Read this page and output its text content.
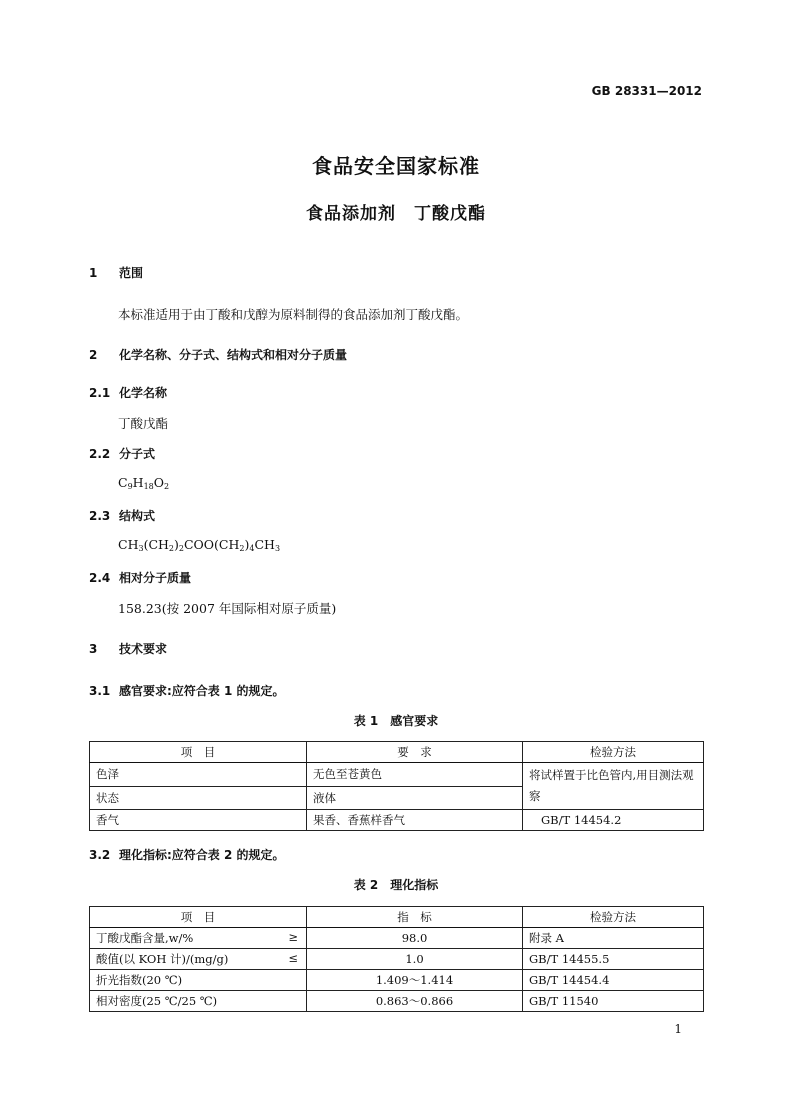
GB 28331—2012
食品安全国家标准
食品添加剂　丁酸戊酯
1 范围
本标准适用于由丁酸和戊醇为原料制得的食品添加剂丁酸戊酯。
2 化学名称、分子式、结构式和相对分子质量
2.1 化学名称
丁酸戊酯
2.2 分子式
$C_9H_{18}O_2$
2.3 结构式
$CH_3(CH_2)_2COO(CH_2)_4CH_3$
2.4 相对分子质量
158.23(按 2007 年国际相对原子质量)
3 技术要求
3.1 感官要求:应符合表 1 的规定。
表 1　感官要求
项　目	要　求	检验方法
色泽	无色至苍黄色	将试样置于比色管内,用目测法观察
状态	液体	
香气	果香、香蕉样香气	GB/T 14454.2
3.2 理化指标:应符合表 2 的规定。
表 2　理化指标
项　目	指　标	检验方法
丁酸戊酯含量,w/% ≥	98.0	附录 A
酸值(以 KOH 计)/(mg/g) ≤	1.0	GB/T 14455.5
折光指数(20 ℃)	1.409～1.414	GB/T 14454.4
相对密度(25 ℃/25 ℃)	0.863～0.866	GB/T 11540
1
